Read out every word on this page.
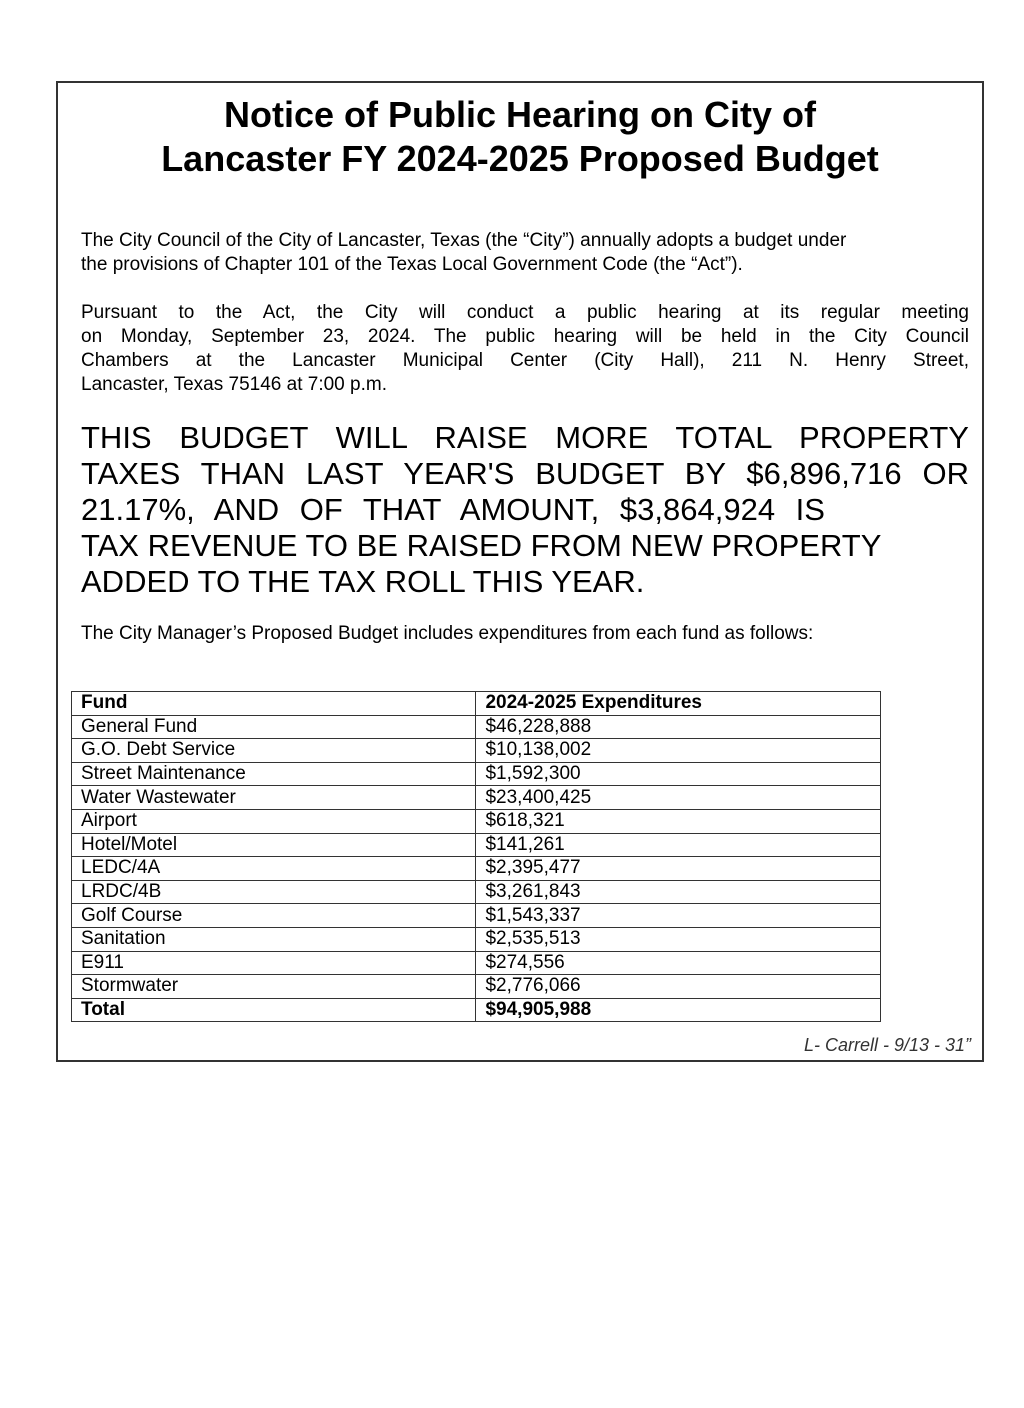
Notice of Public Hearing on City of
Lancaster FY 2024-2025 Proposed Budget

The City Council of the City of Lancaster, Texas (the “City”) annually adopts a budget under
the provisions of Chapter 101 of the Texas Local Government Code (the “Act”).

Pursuant to the Act, the City will conduct a public hearing at its regular meeting
on Monday, September 23, 2024. The public hearing will be held in the City Council
Chambers at the Lancaster Municipal Center (City Hall), 211 N. Henry Street,
Lancaster, Texas 75146 at 7:00 p.m.

THIS BUDGET WILL RAISE MORE TOTAL PROPERTY
TAXES THAN LAST YEAR'S BUDGET BY $6,896,716 OR
21.17%, AND OF THAT AMOUNT, $3,864,924 IS
TAX REVENUE TO BE RAISED FROM NEW PROPERTY
ADDED TO THE TAX ROLL THIS YEAR.

The City Manager’s Proposed Budget includes expenditures from each fund as follows:

Fund	2024-2025 Expenditures
General Fund	$46,228,888
G.O. Debt Service	$10,138,002
Street Maintenance	$1,592,300
Water Wastewater	$23,400,425
Airport	$618,321
Hotel/Motel	$141,261
LEDC/4A	$2,395,477
LRDC/4B	$3,261,843
Golf Course	$1,543,337
Sanitation	$2,535,513
E911	$274,556
Stormwater	$2,776,066
Total	$94,905,988

L- Carrell - 9/13 - 31”
